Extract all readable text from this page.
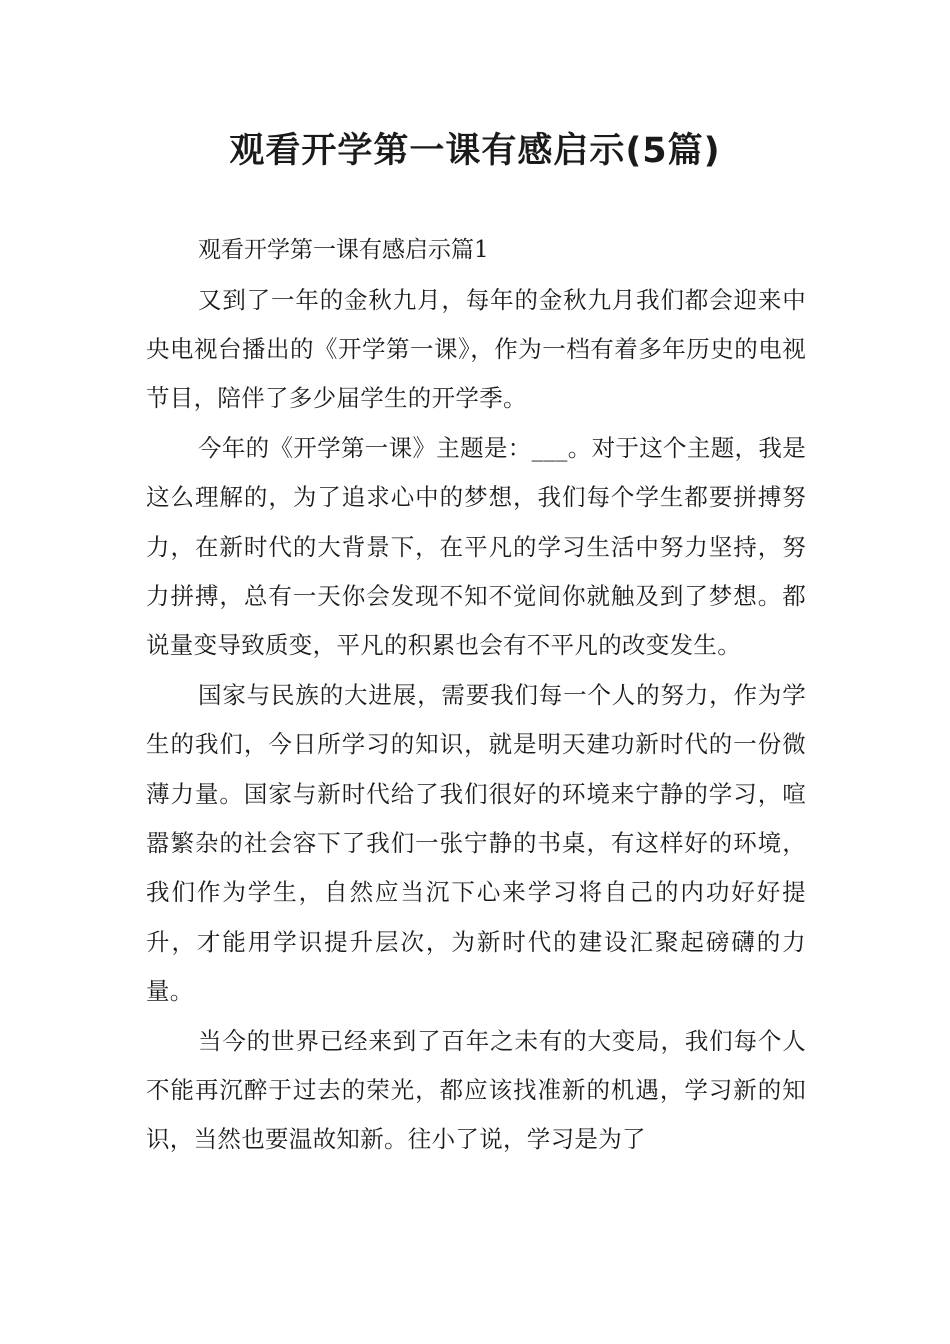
观看开学第一课有感启示(5篇)

观看开学第一课有感启示篇1

又到了一年的金秋九月，每年的金秋九月我们都会迎来中央电视台播出的《开学第一课》，作为一档有着多年历史的电视节目，陪伴了多少届学生的开学季。

今年的《开学第一课》主题是：___。对于这个主题，我是这么理解的，为了追求心中的梦想，我们每个学生都要拼搏努力，在新时代的大背景下，在平凡的学习生活中努力坚持，努力拼搏，总有一天你会发现不知不觉间你就触及到了梦想。都说量变导致质变，平凡的积累也会有不平凡的改变发生。

国家与民族的大进展，需要我们每一个人的努力，作为学生的我们，今日所学习的知识，就是明天建功新时代的一份微薄力量。国家与新时代给了我们很好的环境来宁静的学习，喧嚣繁杂的社会容下了我们一张宁静的书桌，有这样好的环境，我们作为学生，自然应当沉下心来学习将自己的内功好好提升，才能用学识提升层次，为新时代的建设汇聚起磅礴的力量。

当今的世界已经来到了百年之未有的大变局，我们每个人不能再沉醉于过去的荣光，都应该找准新的机遇，学习新的知识，当然也要温故知新。往小了说，学习是为了
